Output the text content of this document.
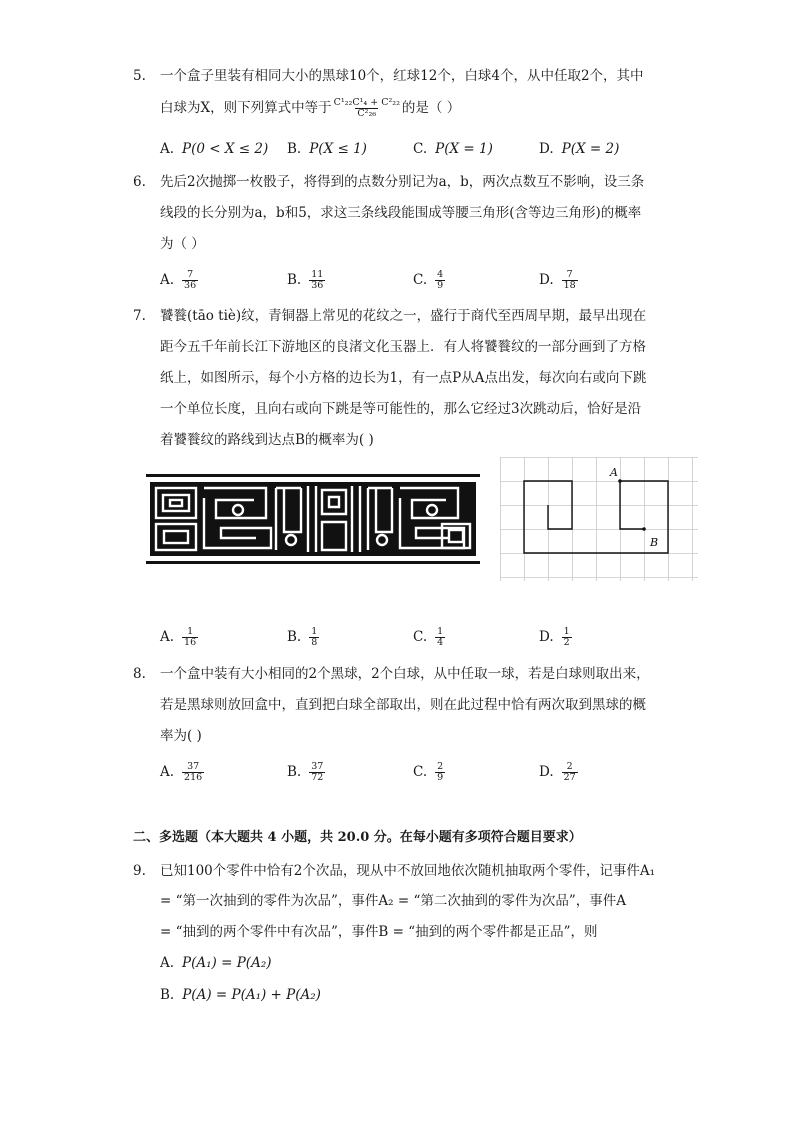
5. 一个盒子里装有相同大小的黑球10个，红球12个，白球4个，从中任取2个，其中
白球为X，则下列算式中等于 $\frac{\text{C¹₂₂C¹₄ + C²₂₂}}{\text{C²₂₆}}$ 的是（ ）
A. P(0 < X ≤ 2) B. P(X ≤ 1)	C. P(X = 1)	D. P(X = 2)
6. 先后2次抛掷一枚骰子，将得到的点数分别记为a，b，两次点数互不影响，设三条
线段的长分别为a，b和5，求这三条线段能围成等腰三角形(含等边三角形)的概率
为（ ）
A. $\frac{7}{36}$	B. $\frac{11}{36}$	C. $\frac{4}{9}$	D. $\frac{7}{18}$
7. 饕餮(tāo tiè)纹，青铜器上常见的花纹之一，盛行于商代至西周早期，最早出现在
距今五千年前长江下游地区的良渚文化玉器上．有人将饕餮纹的一部分画到了方格
纸上，如图所示，每个小方格的边长为1，有一点P从A点出发，每次向右或向下跳
一个单位长度，且向右或向下跳是等可能性的，那么它经过3次跳动后，恰好是沿
着饕餮纹的路线到达点B的概率为( )
A
B
A. $\frac{1}{16}$	B. $\frac{1}{8}$	C. $\frac{1}{4}$	D. $\frac{1}{2}$
8. 一个盒中装有大小相同的2个黑球，2个白球，从中任取一球，若是白球则取出来，
若是黑球则放回盒中，直到把白球全部取出，则在此过程中恰有两次取到黑球的概
率为( )
A. $\frac{37}{216}$	B. $\frac{37}{72}$	C. $\frac{2}{9}$	D. $\frac{2}{27}$
二、多选题（本大题共 4 小题，共 20.0 分。在每小题有多项符合题目要求）
9. 已知100个零件中恰有2个次品，现从中不放回地依次随机抽取两个零件，记事件A₁
= “第一次抽到的零件为次品”，事件A₂ = “第二次抽到的零件为次品”，事件A
= “抽到的两个零件中有次品”，事件B = “抽到的两个零件都是正品”，则
A. P(A₁) = P(A₂)
B. P(A) = P(A₁) + P(A₂)
